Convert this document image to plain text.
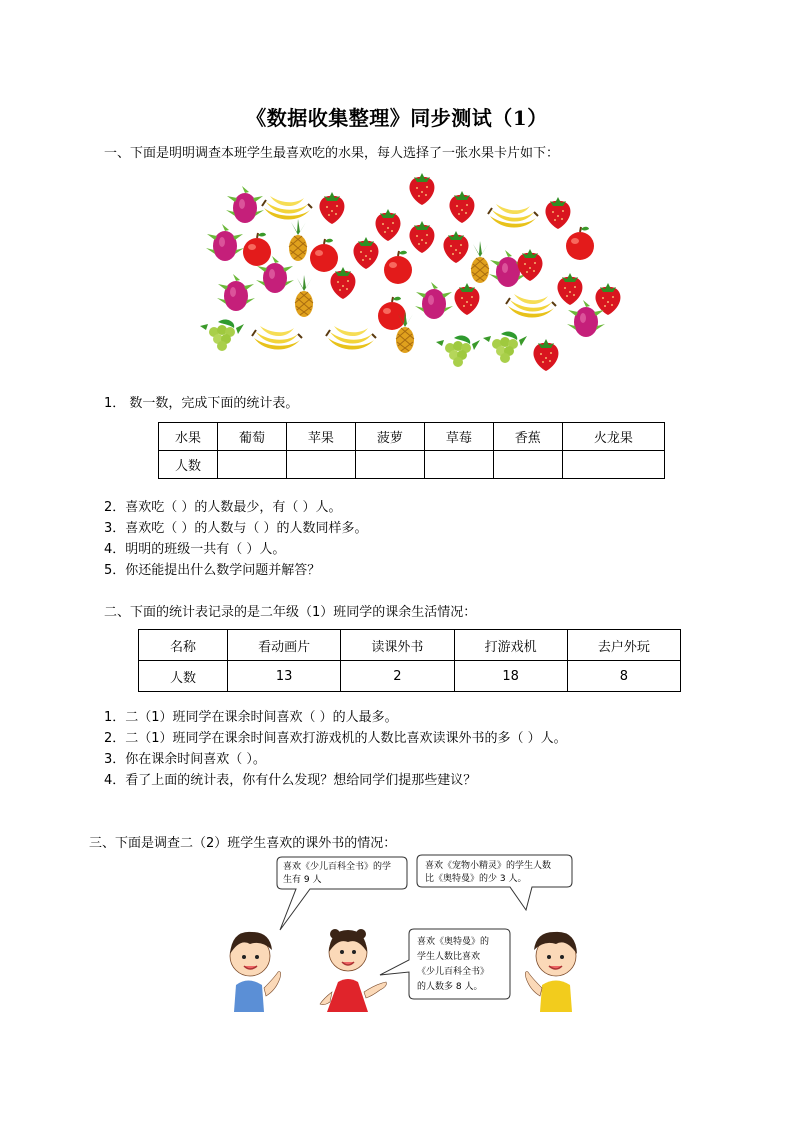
《数据收集整理》同步测试（1）
一、下面是明明调查本班学生最喜欢吃的水果，每人选择了一张水果卡片如下：
1． 数一数，完成下面的统计表。
水果	葡萄	苹果	菠萝	草莓	香蕉	火龙果
人数						
2．喜欢吃（ ）的人数最少，有（ ）人。
3．喜欢吃（ ）的人数与（ ）的人数同样多。
4．明明的班级一共有（ ）人。
5．你还能提出什么数学问题并解答？
二、下面的统计表记录的是二年级（1）班同学的课余生活情况：
名称	看动画片	读课外书	打游戏机	去户外玩
人数	13	2	18	8
1．二（1）班同学在课余时间喜欢（ ）的人最多。
2．二（1）班同学在课余时间喜欢打游戏机的人数比喜欢读课外书的多（ ）人。
3．你在课余时间喜欢（ ）。
4．看了上面的统计表，你有什么发现？想给同学们提那些建议？
三、下面是调查二（2）班学生喜欢的课外书的情况：
喜欢《少儿百科全书》的学
生有 9 人
喜欢《宠物小精灵》的学生人数
比《奥特曼》的少 3 人。
喜欢《奥特曼》的
学生人数比喜欢
《少儿百科全书》
的人数多 8 人。
